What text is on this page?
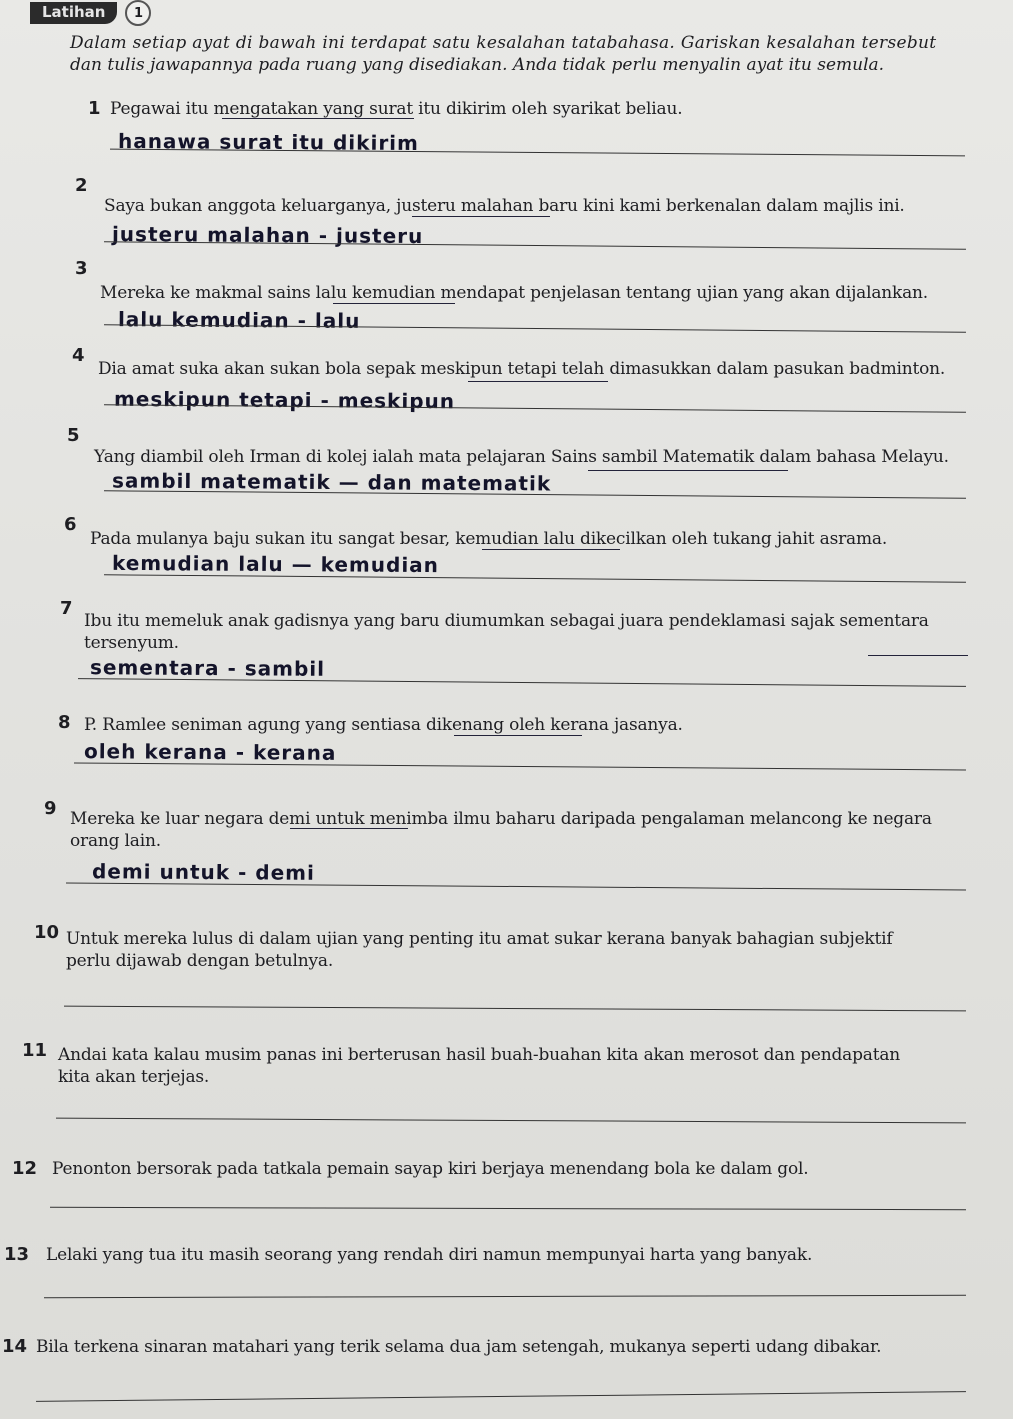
Latihan	1
Dalam setiap ayat di bawah ini terdapat satu kesalahan tatabahasa. Gariskan kesalahan tersebut
dan tulis jawapannya pada ruang yang disediakan. Anda tidak perlu menyalin ayat itu semula.
1 Pegawai itu mengatakan yang surat itu dikirim oleh syarikat beliau.
hanawa surat itu dikirim
2
Saya bukan anggota keluarganya, justeru malahan baru kini kami berkenalan dalam majlis ini.
justeru malahan - justeru
3
Mereka ke makmal sains lalu kemudian mendapat penjelasan tentang ujian yang akan dijalankan.
lalu kemudian - lalu
4
Dia amat suka akan sukan bola sepak meskipun tetapi telah dimasukkan dalam pasukan badminton.
meskipun tetapi - meskipun
5
Yang diambil oleh Irman di kolej ialah mata pelajaran Sains sambil Matematik dalam bahasa Melayu.
sambil matematik — dan matematik
6
Pada mulanya baju sukan itu sangat besar, kemudian lalu dikecilkan oleh tukang jahit asrama.
kemudian lalu — kemudian
7
Ibu itu memeluk anak gadisnya yang baru diumumkan sebagai juara pendeklamasi sajak sementara
tersenyum.
sementara - sambil
8 P. Ramlee seniman agung yang sentiasa dikenang oleh kerana jasanya.
oleh kerana - kerana
9 Mereka ke luar negara demi untuk menimba ilmu baharu daripada pengalaman melancong ke negara
orang lain.
demi untuk - demi
10 Untuk mereka lulus di dalam ujian yang penting itu amat sukar kerana banyak bahagian subjektif
perlu dijawab dengan betulnya.
11 Andai kata kalau musim panas ini berterusan hasil buah-buahan kita akan merosot dan pendapatan
kita akan terjejas.
12 Penonton bersorak pada tatkala pemain sayap kiri berjaya menendang bola ke dalam gol.
13 Lelaki yang tua itu masih seorang yang rendah diri namun mempunyai harta yang banyak.
14 Bila terkena sinaran matahari yang terik selama dua jam setengah, mukanya seperti udang dibakar.
